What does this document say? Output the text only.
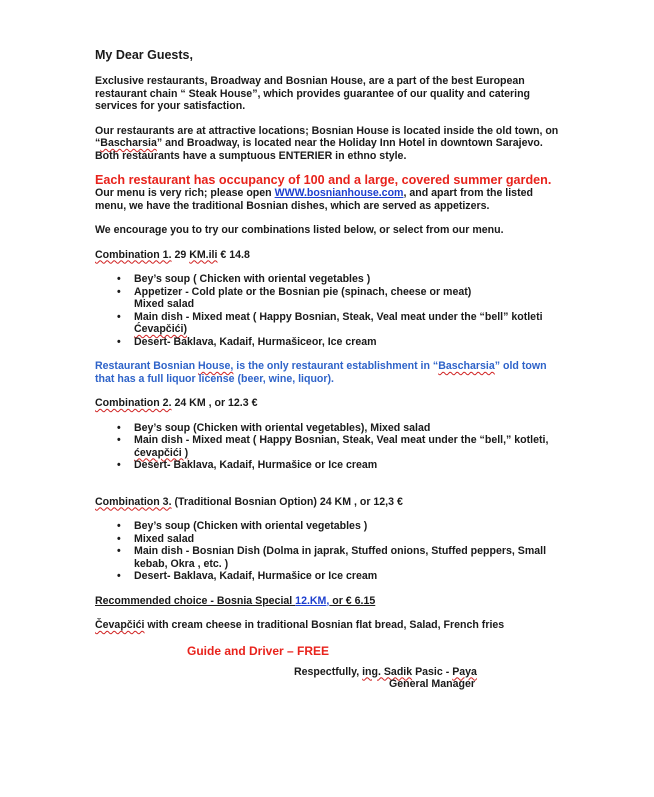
My Dear Guests,

Exclusive restaurants, Broadway and Bosnian House, are a part of the best European restaurant chain “ Steak House”, which provides guarantee of our quality and catering services for your satisfaction.

Our restaurants are at attractive locations; Bosnian House is located inside the old town, on “Bascharsia” and Broadway, is located near the Holiday Inn Hotel in downtown Sarajevo. Both restaurants have a sumptuous ENTERIER in ethno style.

Each restaurant has occupancy of 100 and a large, covered summer garden.

Our menu is very rich; please open WWW.bosnianhouse.com, and apart from the listed menu, we have the traditional Bosnian dishes, which are served as appetizers.

We encourage you to try our combinations listed below, or select from our menu.

Combination 1. 29 KM.ili € 14.8

• Bey’s soup ( Chicken with oriental vegetables )
• Appetizer - Cold plate or the Bosnian pie (spinach, cheese or meat)
Mixed salad
• Main dish - Mixed meat ( Happy Bosnian, Steak, Veal meat under the “bell” kotleti
Ćevapčići)
• Desert- Baklava, Kadaif, Hurmašiceor, Ice cream

Restaurant Bosnian House, is the only restaurant establishment in “Bascharsia” old town that has a full liquor license (beer, wine, liquor).

Combination 2. 24 KM , or 12.3 €

• Bey’s soup (Chicken with oriental vegetables), Mixed salad
• Main dish - Mixed meat ( Happy Bosnian, Steak, Veal meat under the “bell,” kotleti,
ćevapčići )
• Desert- Baklava, Kadaif, Hurmašice or Ice cream

Combination 3. (Traditional Bosnian Option) 24 KM , or 12,3 €

• Bey’s soup (Chicken with oriental vegetables )
• Mixed salad
• Main dish - Bosnian Dish (Dolma in japrak, Stuffed onions, Stuffed peppers, Small
kebab, Okra , etc. )
• Desert- Baklava, Kadaif, Hurmašice or Ice cream

Recommended choice - Bosnia Special 12.KM, or € 6.15

Čevapčići with cream cheese in traditional Bosnian flat bread, Salad, French fries

Guide and Driver – FREE

Respectfully, ing. Sadik Pasic - Paya

General Manager
